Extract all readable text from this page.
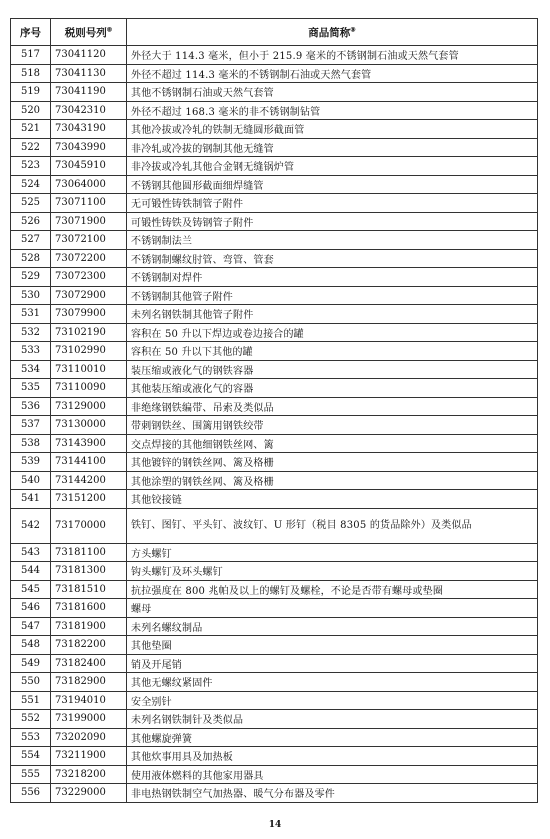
序号	税则号列⑧	商品简称⑨
517	73041120	外径大于 114.3 毫米，但小于 215.9 毫米的不锈钢制石油或天然气套管
518	73041130	外径不超过 114.3 毫米的不锈钢制石油或天然气套管
519	73041190	其他不锈钢制石油或天然气套管
520	73042310	外径不超过 168.3 毫米的非不锈钢制钻管
521	73043190	其他冷拔或冷轧的铁制无缝圆形截面管
522	73043990	非冷轧或冷拔的钢制其他无缝管
523	73045910	非冷拔或冷轧其他合金钢无缝锅炉管
524	73064000	不锈钢其他圆形截面细焊缝管
525	73071100	无可锻性铸铁制管子附件
526	73071900	可锻性铸铁及铸钢管子附件
527	73072100	不锈钢制法兰
528	73072200	不锈钢制螺纹肘管、弯管、管套
529	73072300	不锈钢制对焊件
530	73072900	不锈钢制其他管子附件
531	73079900	未列名钢铁制其他管子附件
532	73102190	容积在 50 升以下焊边或卷边接合的罐
533	73102990	容积在 50 升以下其他的罐
534	73110010	装压缩或液化气的钢铁容器
535	73110090	其他装压缩或液化气的容器
536	73129000	非绝缘钢铁编带、吊索及类似品
537	73130000	带刺钢铁丝、围篱用钢铁绞带
538	73143900	交点焊接的其他细钢铁丝网、篱
539	73144100	其他镀锌的钢铁丝网、篱及格栅
540	73144200	其他涂塑的钢铁丝网、篱及格栅
541	73151200	其他铰接链
542	73170000	铁钉、图钉、平头钉、波纹钉、U 形钉（税目 8305 的货品除外）及类似品
543	73181100	方头螺钉
544	73181300	钩头螺钉及环头螺钉
545	73181510	抗拉强度在 800 兆帕及以上的螺钉及螺栓，不论是否带有螺母或垫圈
546	73181600	螺母
547	73181900	未列名螺纹制品
548	73182200	其他垫圈
549	73182400	销及开尾销
550	73182900	其他无螺纹紧固件
551	73194010	安全别针
552	73199000	未列名钢铁制针及类似品
553	73202090	其他螺旋弹簧
554	73211900	其他炊事用具及加热板
555	73218200	使用液体燃料的其他家用器具
556	73229000	非电热钢铁制空气加热器、暖气分布器及零件
14
